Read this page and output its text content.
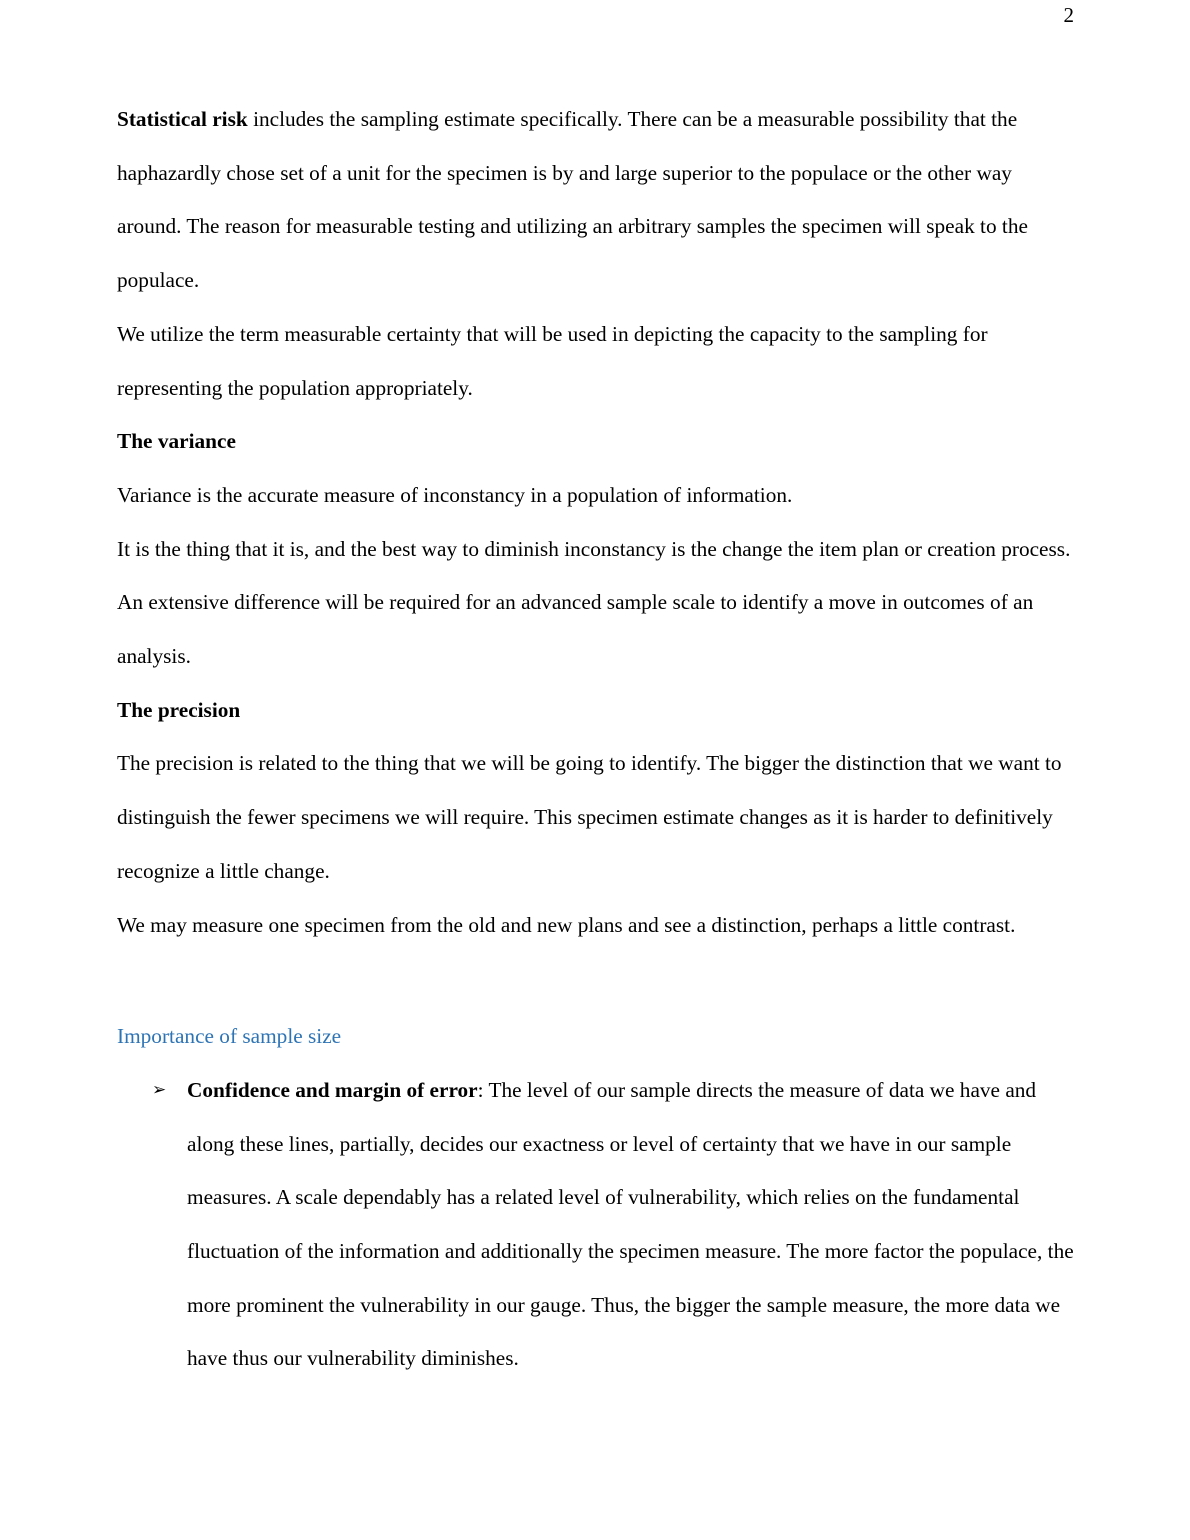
2

Statistical risk includes the sampling estimate specifically. There can be a measurable possibility that the haphazardly chose set of a unit for the specimen is by and large superior to the populace or the other way around. The reason for measurable testing and utilizing an arbitrary samples the specimen will speak to the populace.

We utilize the term measurable certainty that will be used in depicting the capacity to the sampling for representing the population appropriately.

The variance

Variance is the accurate measure of inconstancy in a population of information.

It is the thing that it is, and the best way to diminish inconstancy is the change the item plan or creation process. An extensive difference will be required for an advanced sample scale to identify a move in outcomes of an analysis.

The precision

The precision is related to the thing that we will be going to identify. The bigger the distinction that we want to distinguish the fewer specimens we will require. This specimen estimate changes as it is harder to definitively recognize a little change.

We may measure one specimen from the old and new plans and see a distinction, perhaps a little contrast.

Importance of sample size

➢ Confidence and margin of error: The level of our sample directs the measure of data we have and along these lines, partially, decides our exactness or level of certainty that we have in our sample measures. A scale dependably has a related level of vulnerability, which relies on the fundamental fluctuation of the information and additionally the specimen measure. The more factor the populace, the more prominent the vulnerability in our gauge. Thus, the bigger the sample measure, the more data we have thus our vulnerability diminishes.
